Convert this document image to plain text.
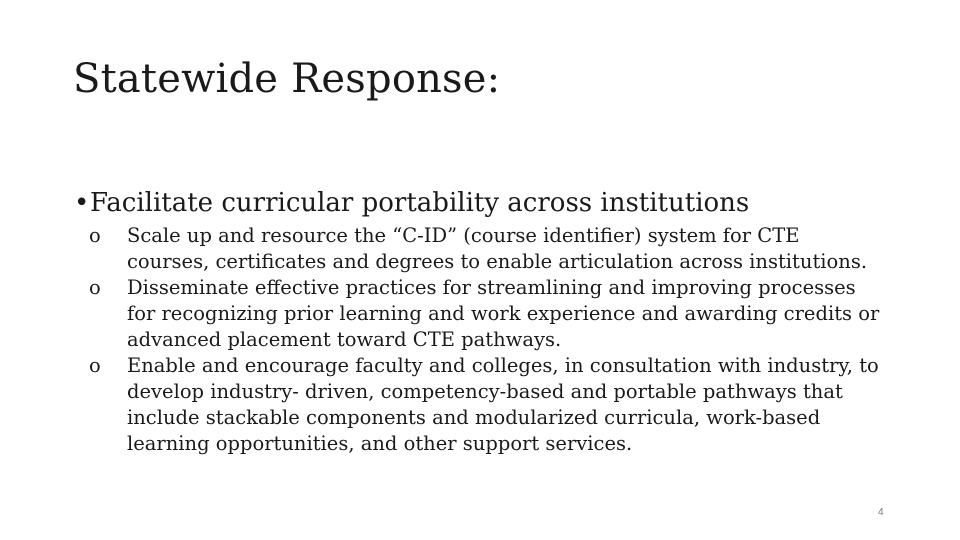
Statewide Response:
• Facilitate curricular portability across institutions
o Scale up and resource the “C-ID” (course identifier) system for CTE courses, certificates and degrees to enable articulation across institutions.
o Disseminate effective practices for streamlining and improving processes for recognizing prior learning and work experience and awarding credits or advanced placement toward CTE pathways.
o Enable and encourage faculty and colleges, in consultation with industry, to develop industry- driven, competency-based and portable pathways that include stackable components and modularized curricula, work-based learning opportunities, and other support services.
4
